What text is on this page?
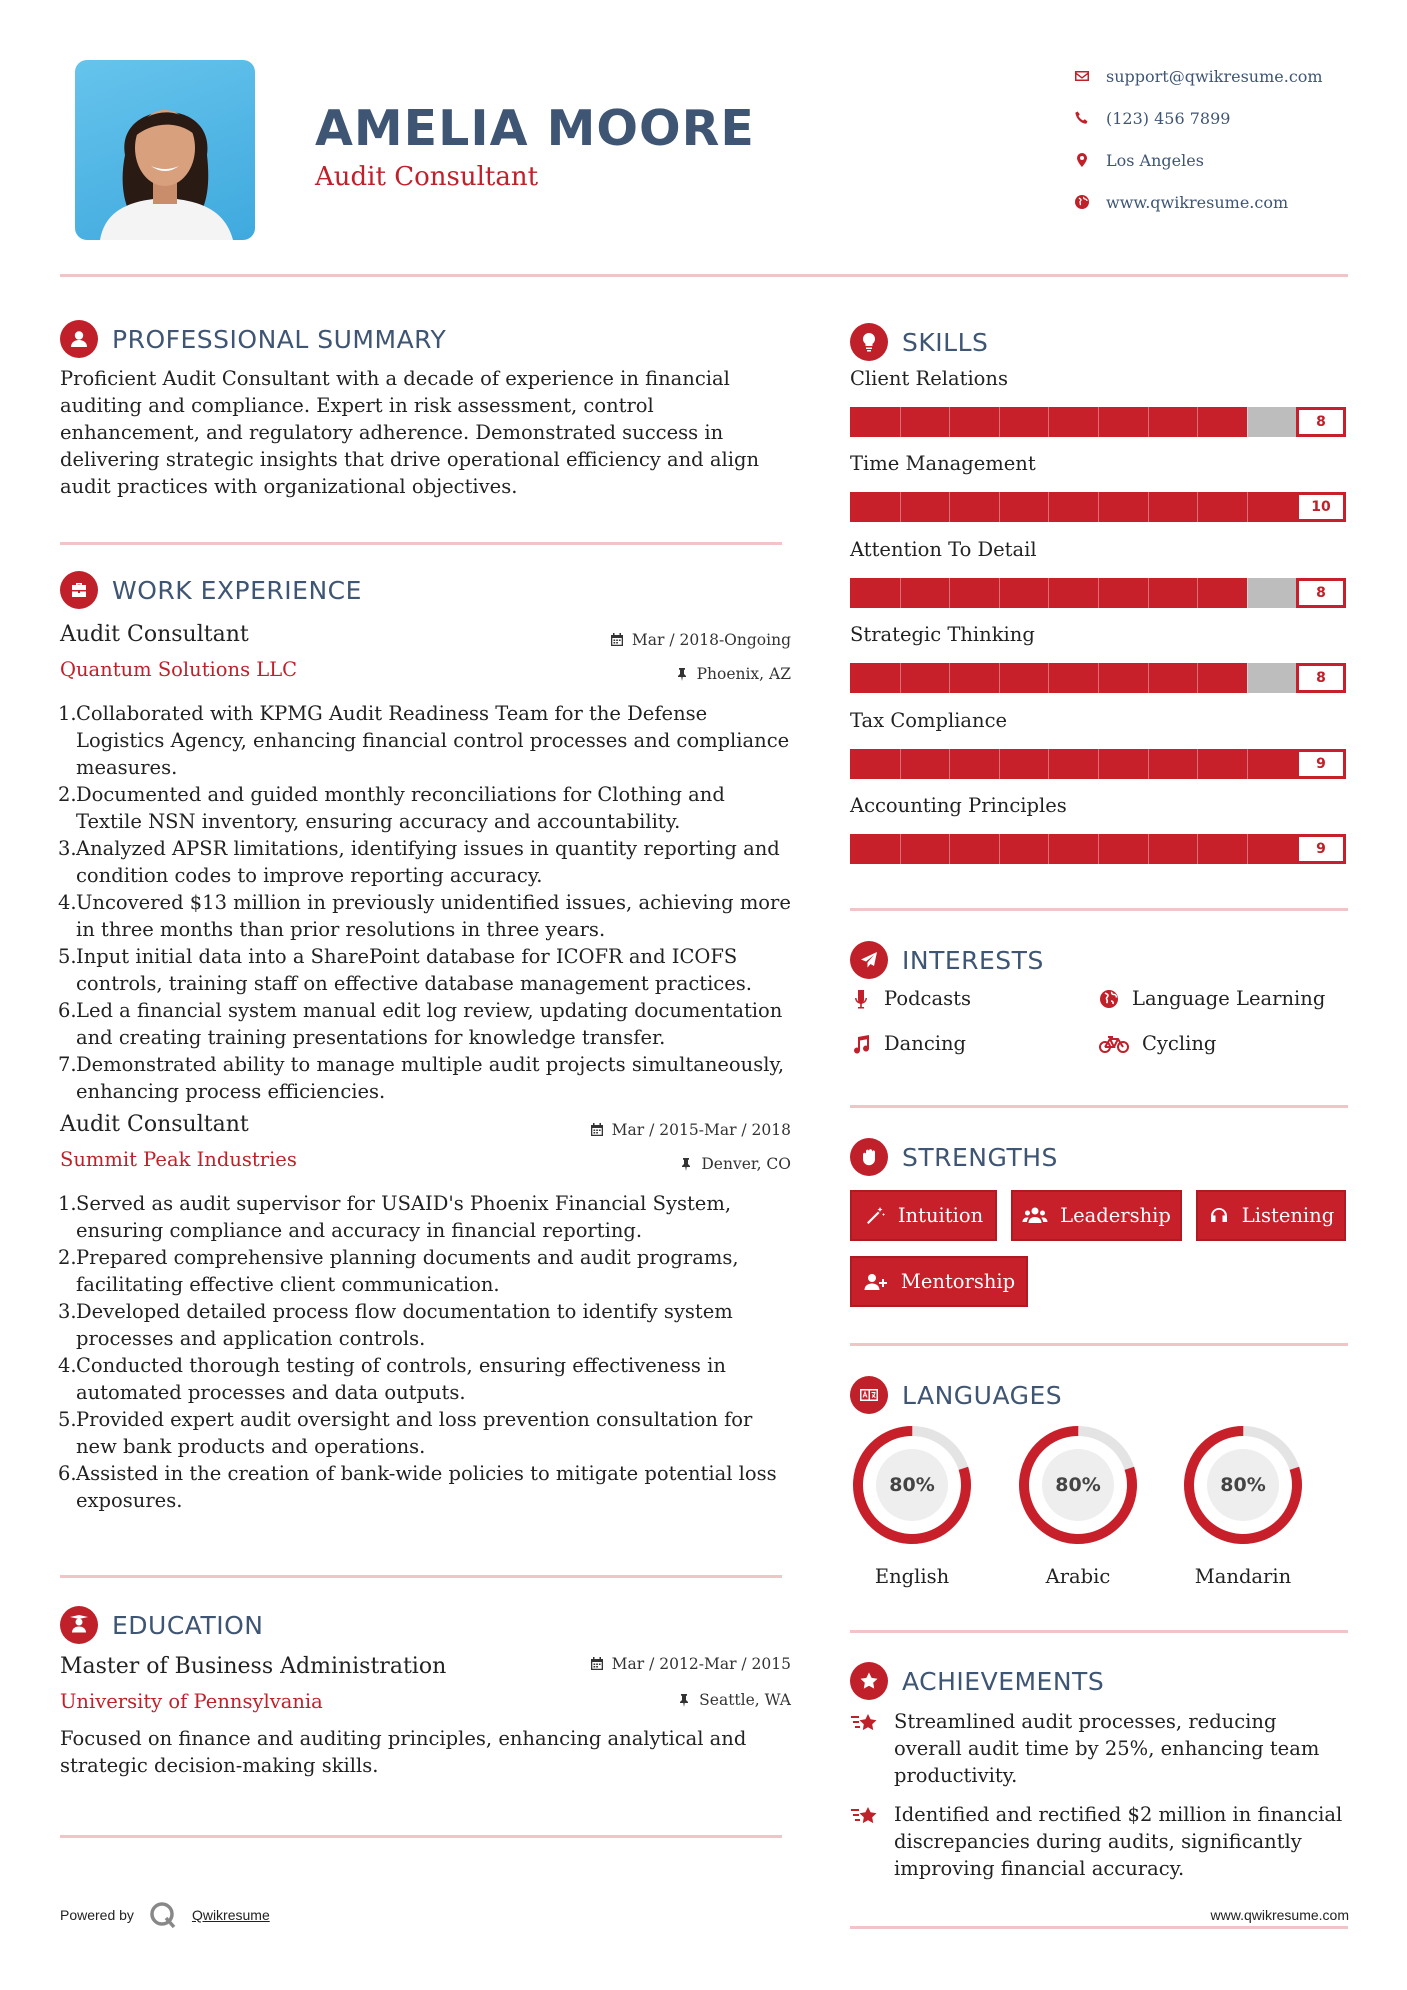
AMELIA MOORE
Audit Consultant
support@qwikresume.com
(123) 456 7899
Los Angeles
www.qwikresume.com
PROFESSIONAL SUMMARY
Proficient Audit Consultant with a decade of experience in financial auditing and compliance. Expert in risk assessment, control enhancement, and regulatory adherence. Demonstrated success in delivering strategic insights that drive operational efficiency and align audit practices with organizational objectives.
WORK EXPERIENCE
Audit Consultant	Mar / 2018-Ongoing
Quantum Solutions LLC	Phoenix, AZ
Collaborated with KPMG Audit Readiness Team for the Defense Logistics Agency, enhancing financial control processes and compliance measures.
Documented and guided monthly reconciliations for Clothing and Textile NSN inventory, ensuring accuracy and accountability.
Analyzed APSR limitations, identifying issues in quantity reporting and condition codes to improve reporting accuracy.
Uncovered $13 million in previously unidentified issues, achieving more in three months than prior resolutions in three years.
Input initial data into a SharePoint database for ICOFR and ICOFS controls, training staff on effective database management practices.
Led a financial system manual edit log review, updating documentation and creating training presentations for knowledge transfer.
Demonstrated ability to manage multiple audit projects simultaneously, enhancing process efficiencies.
Audit Consultant	Mar / 2015-Mar / 2018
Summit Peak Industries	Denver, CO
Served as audit supervisor for USAID's Phoenix Financial System, ensuring compliance and accuracy in financial reporting.
Prepared comprehensive planning documents and audit programs, facilitating effective client communication.
Developed detailed process flow documentation to identify system processes and application controls.
Conducted thorough testing of controls, ensuring effectiveness in automated processes and data outputs.
Provided expert audit oversight and loss prevention consultation for new bank products and operations.
Assisted in the creation of bank-wide policies to mitigate potential loss exposures.
EDUCATION
Master of Business Administration	Mar / 2012-Mar / 2015
University of Pennsylvania	Seattle, WA
Focused on finance and auditing principles, enhancing analytical and strategic decision-making skills.
SKILLS
Client Relations
8
Time Management
10
Attention To Detail
8
Strategic Thinking
8
Tax Compliance
9
Accounting Principles
9
INTERESTS
Podcasts	Language Learning
Dancing	Cycling
STRENGTHS
Intuition	Leadership	Listening
Mentorship
LANGUAGES
80%
English
80%
Arabic
80%
Mandarin
ACHIEVEMENTS
Streamlined audit processes, reducing overall audit time by 25%, enhancing team productivity.
Identified and rectified $2 million in financial discrepancies during audits, significantly improving financial accuracy.
Powered by	Qwikresume	www.qwikresume.com
